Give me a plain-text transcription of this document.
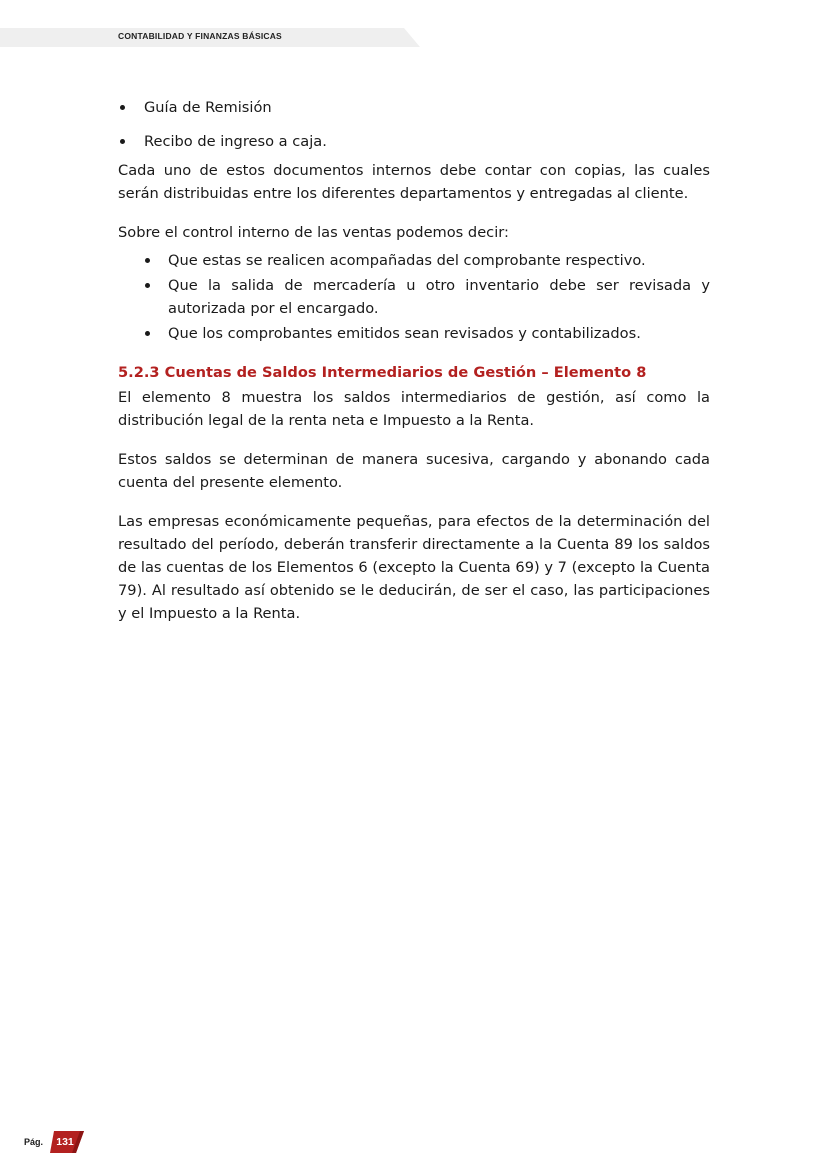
CONTABILIDAD Y FINANZAS BÁSICAS
Guía de Remisión
Recibo de ingreso a caja.

Cada uno de estos documentos internos debe contar con copias, las cuales serán distribuidas entre los diferentes departamentos y entregadas al cliente.

Sobre el control interno de las ventas podemos decir:

Que estas se realicen acompañadas del comprobante respectivo.
Que la salida de mercadería u otro inventario debe ser revisada y autorizada por el encargado.
Que los comprobantes emitidos sean revisados y contabilizados.
5.2.3 Cuentas de Saldos Intermediarios de Gestión – Elemento 8

El elemento 8 muestra los saldos intermediarios de gestión, así como la distribución legal de la renta neta e Impuesto a la Renta.

Estos saldos se determinan de manera sucesiva, cargando y abonando cada cuenta del presente elemento.

Las empresas económicamente pequeñas, para efectos de la determinación del resultado del período, deberán transferir directamente a la Cuenta 89 los saldos de las cuentas de los Elementos 6 (excepto la Cuenta 69) y 7 (excepto la Cuenta 79). Al resultado así obtenido se le deducirán, de ser el caso, las participaciones y el Impuesto a la Renta.

Pág.	131
